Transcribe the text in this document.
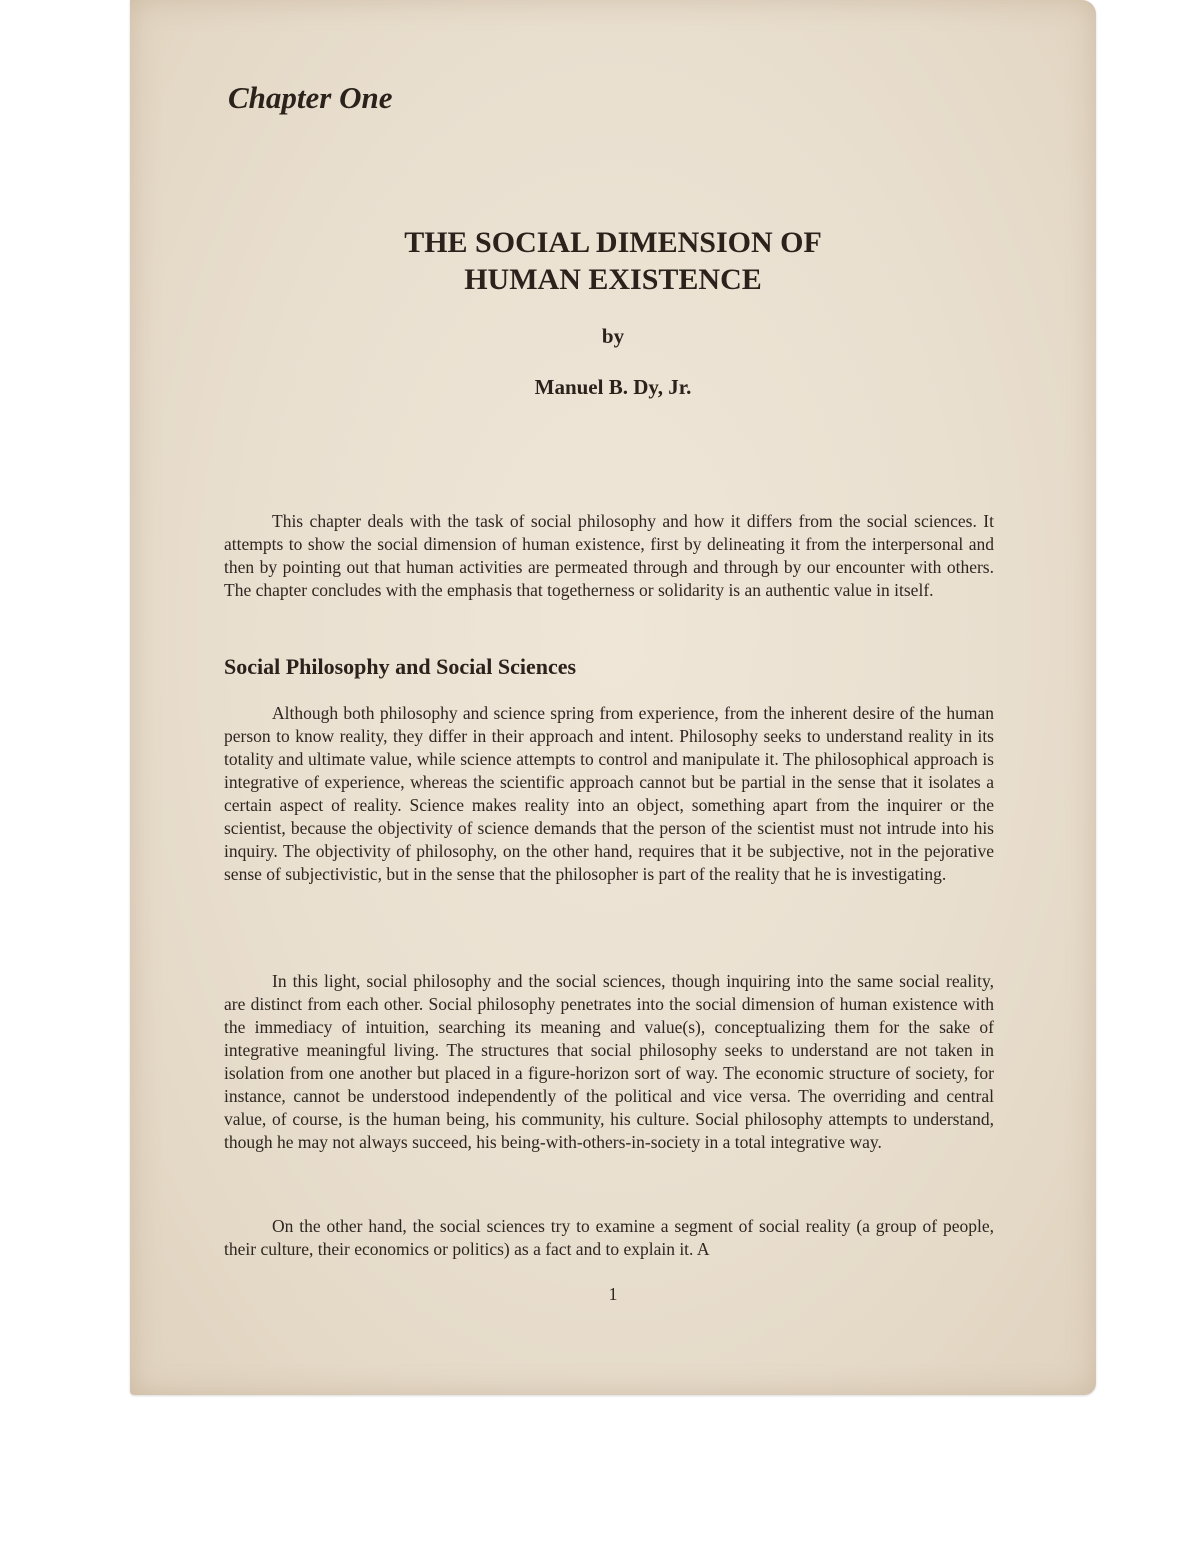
Chapter One
THE SOCIAL DIMENSION OF
HUMAN EXISTENCE

by

Manuel B. Dy, Jr.

This chapter deals with the task of social philosophy and how it differs from the social sciences. It attempts to show the social dimension of human existence, first by delineating it from the interpersonal and then by pointing out that human activities are permeated through and through by our encounter with others. The chapter concludes with the emphasis that togetherness or solidarity is an authentic value in itself.

Social Philosophy and Social Sciences

Although both philosophy and science spring from experience, from the inherent desire of the human person to know reality, they differ in their approach and intent. Philosophy seeks to understand reality in its totality and ultimate value, while science attempts to control and manipulate it. The philosophical approach is integrative of experience, whereas the scientific approach cannot but be partial in the sense that it isolates a certain aspect of reality. Science makes reality into an object, something apart from the inquirer or the scientist, because the objectivity of science demands that the person of the scientist must not intrude into his inquiry. The objectivity of philosophy, on the other hand, requires that it be subjective, not in the pejorative sense of subjectivistic, but in the sense that the philosopher is part of the reality that he is investigating.

In this light, social philosophy and the social sciences, though inquiring into the same social reality, are distinct from each other. Social philosophy penetrates into the social dimension of human existence with the immediacy of intuition, searching its meaning and value(s), conceptualizing them for the sake of integrative meaningful living. The structures that social philosophy seeks to understand are not taken in isolation from one another but placed in a figure-horizon sort of way. The economic structure of society, for instance, cannot be understood independently of the political and vice versa. The overriding and central value, of course, is the human being, his community, his culture. Social philosophy attempts to understand, though he may not always succeed, his being-with-others-in-society in a total integrative way.

On the other hand, the social sciences try to examine a segment of social reality (a group of people, their culture, their economics or politics) as a fact and to explain it. A

1
